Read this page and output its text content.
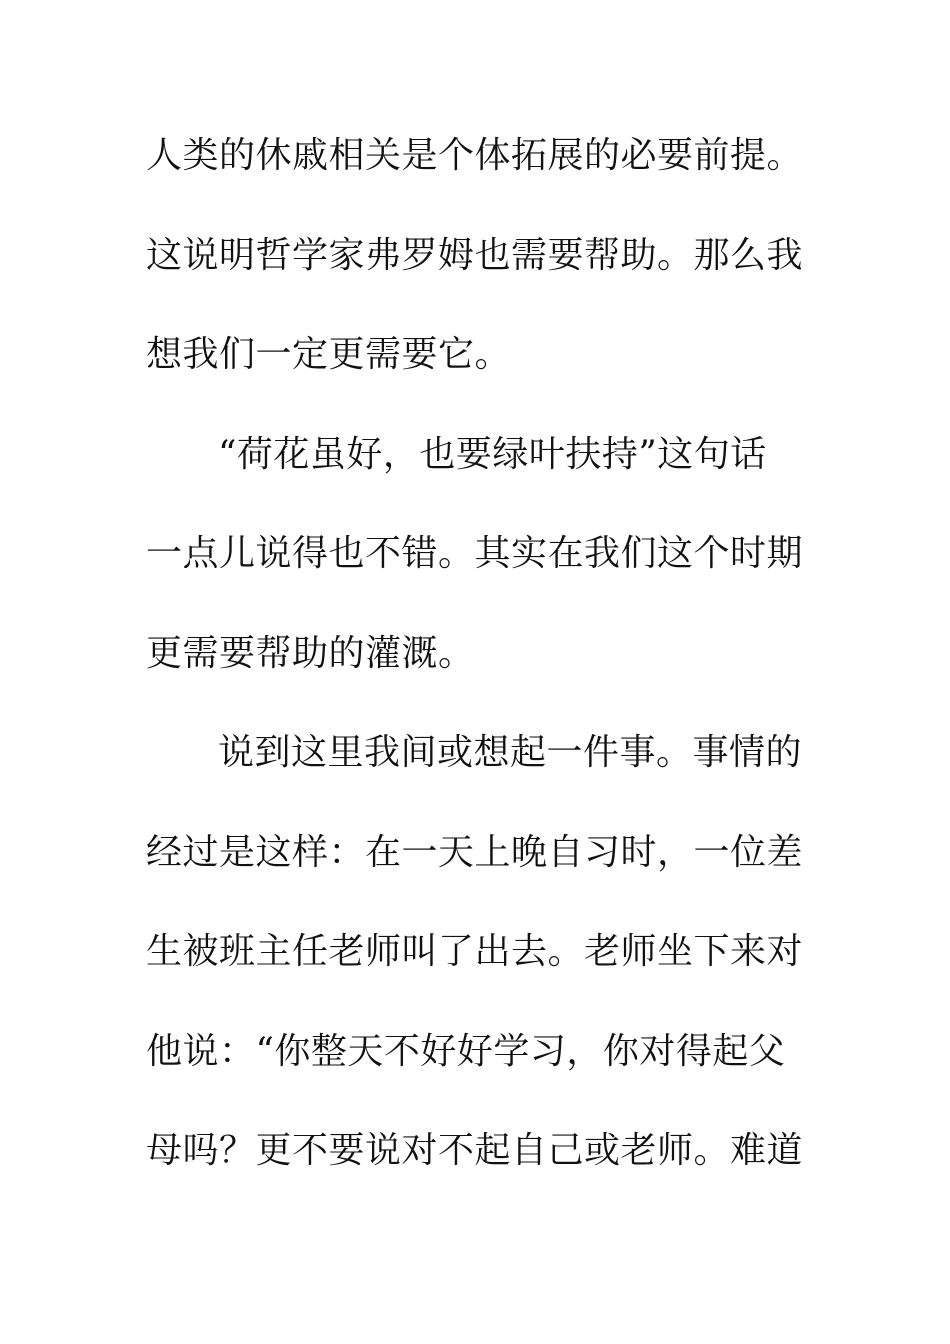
人类的休戚相关是个体拓展的必要前提。
这说明哲学家弗罗姆也需要帮助。那么我
想我们一定更需要它。
“荷花虽好，也要绿叶扶持”这句话
一点儿说得也不错。其实在我们这个时期
更需要帮助的灌溉。
说到这里我间或想起一件事。事情的
经过是这样：在一天上晚自习时，一位差
生被班主任老师叫了出去。老师坐下来对
他说：“你整天不好好学习，你对得起父
母吗？更不要说对不起自己或老师。难道
